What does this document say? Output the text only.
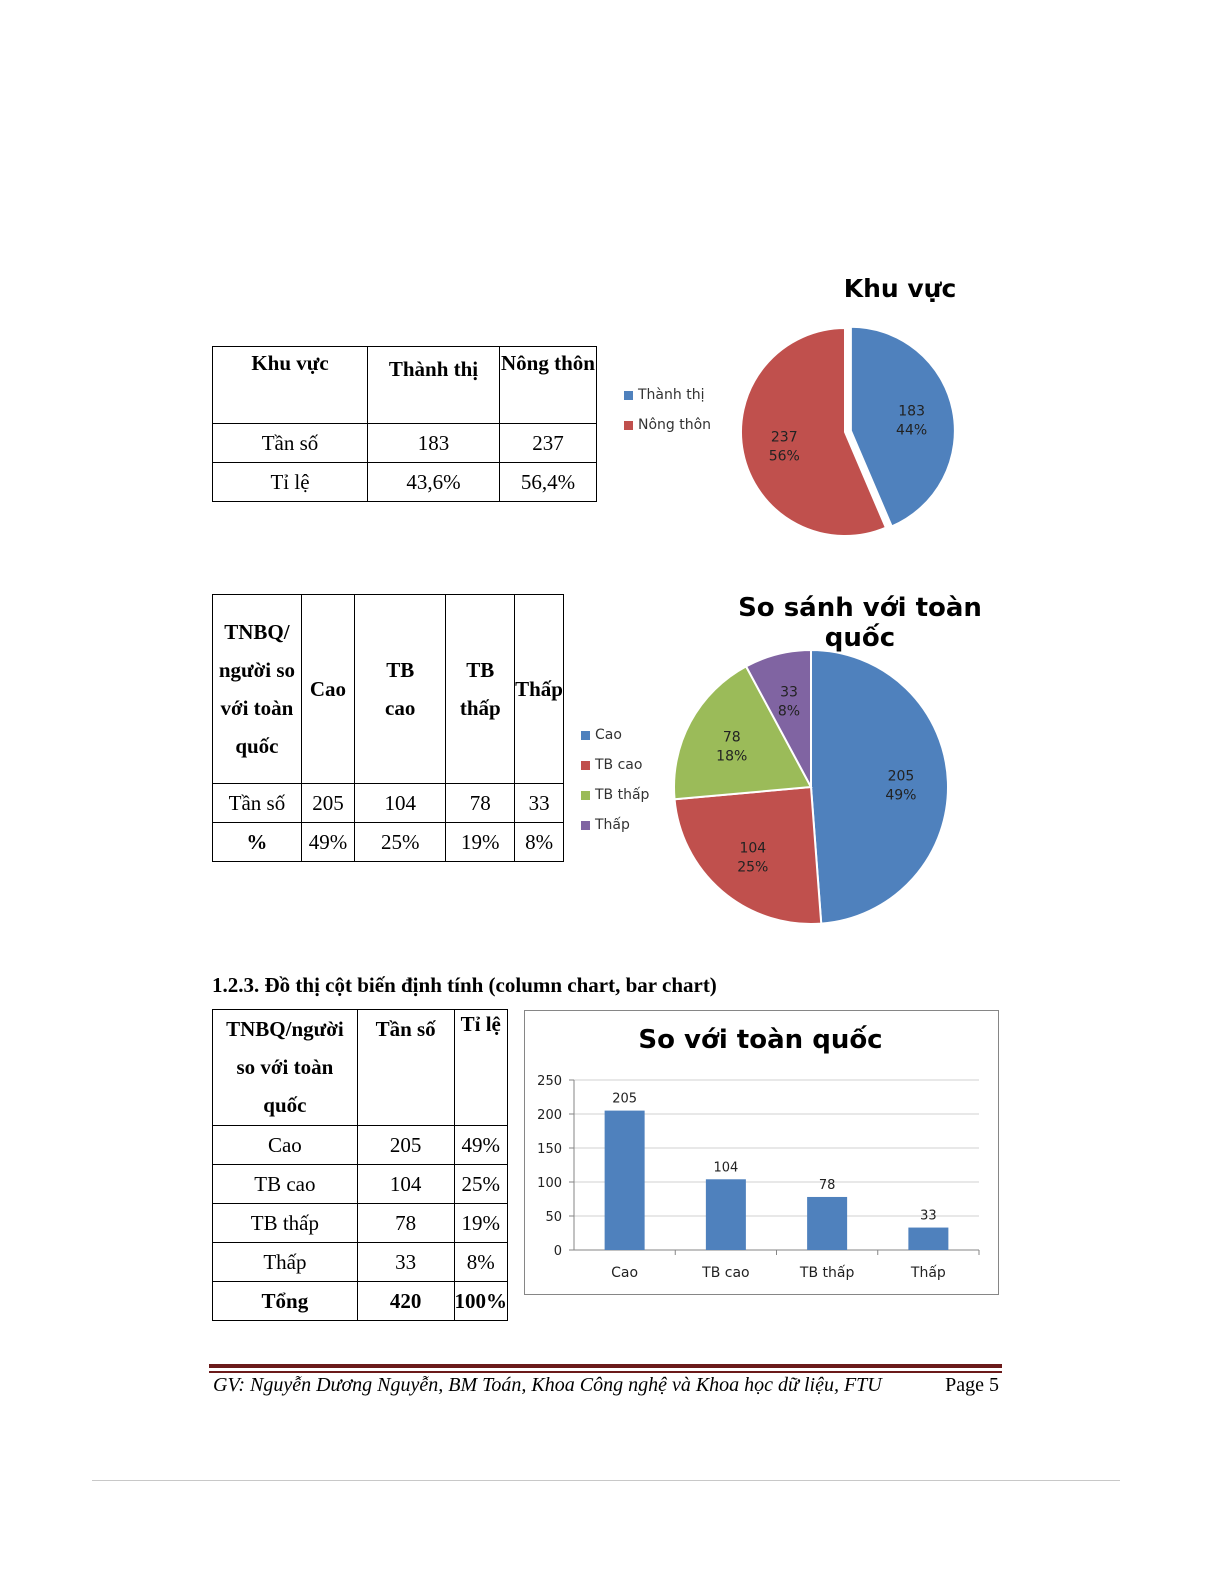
Khu vực	Thành thị	Nông thôn
Tần số	183	237
Tỉ lệ	43,6%	56,4%
Khu vực
Thành thị
Nông thôn
183
44%
237
56%
TNBQ/ người so với toàn quốc	Cao	TB cao	TB thấp	Thấp
Tần số	205	104	78	33
%	49%	25%	19%	8%
So sánh với toàn quốc
Cao
TB cao
TB thấp
Thấp
205
49%
104
25%
78
18%
33
8%
1.2.3. Đồ thị cột biến định tính (column chart, bar chart)
TNBQ/người so với toàn quốc	Tần số	Tỉ lệ
Cao	205	49%
TB cao	104	25%
TB thấp	78	19%
Thấp	33	8%
Tổng	420	100%
So với toàn quốc
0
50
100
150
200
250
205
Cao
104
TB cao
78
TB thấp
33
Thấp
GV: Nguyễn Dương Nguyễn, BM Toán, Khoa Công nghệ và Khoa học dữ liệu, FTU	Page 5
